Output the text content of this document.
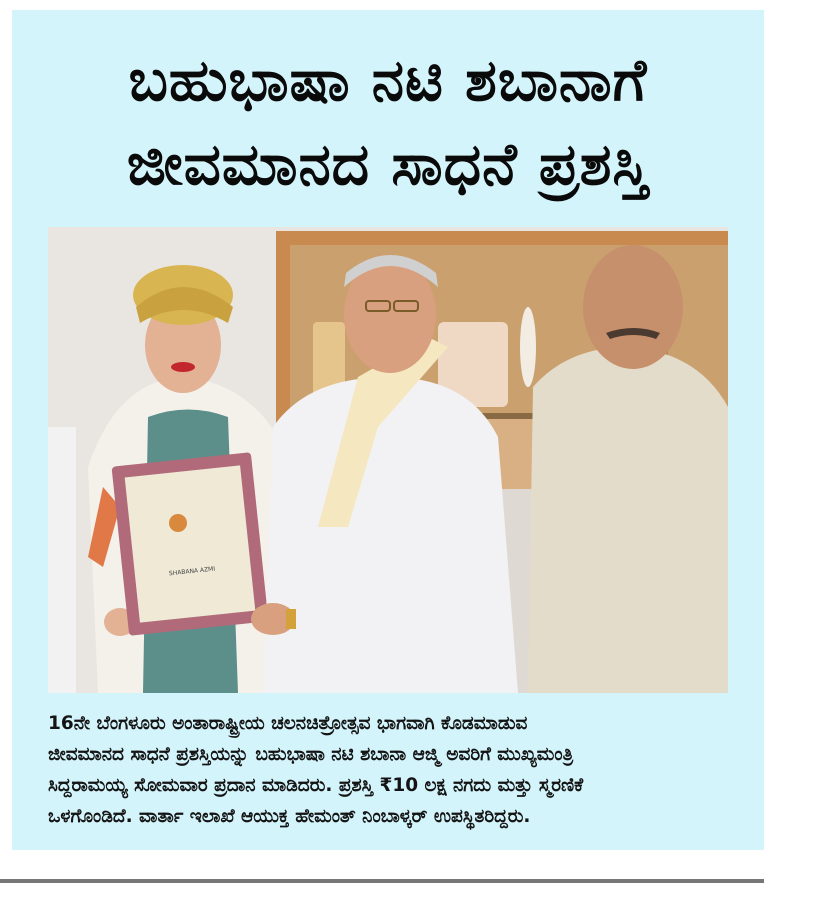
ಬಹುಭಾಷಾ ನಟಿ ಶಬಾನಾಗೆ
ಜೀವಮಾನದ ಸಾಧನೆ ಪ್ರಶಸ್ತಿ
SHABANA AZMI

16ನೇ ಬೆಂಗಳೂರು ಅಂತಾರಾಷ್ಟ್ರೀಯ ಚಲನಚಿತ್ರೋತ್ಸವ ಭಾಗವಾಗಿ ಕೊಡಮಾಡುವ
ಜೀವಮಾನದ ಸಾಧನೆ ಪ್ರಶಸ್ತಿಯನ್ನು ಬಹುಭಾಷಾ ನಟಿ ಶಬಾನಾ ಆಜ್ಮಿ ಅವರಿಗೆ ಮುಖ್ಯಮಂತ್ರಿ
ಸಿದ್ದರಾಮಯ್ಯ ಸೋಮವಾರ ಪ್ರದಾನ ಮಾಡಿದರು. ಪ್ರಶಸ್ತಿ ₹10 ಲಕ್ಷ ನಗದು ಮತ್ತು ಸ್ಮರಣಿಕೆ
ಒಳಗೊಂಡಿದೆ. ವಾರ್ತಾ ಇಲಾಖೆ ಆಯುಕ್ತ ಹೇಮಂತ್ ನಿಂಬಾಳ್ಕರ್ ಉಪಸ್ಥಿತರಿದ್ದರು.
